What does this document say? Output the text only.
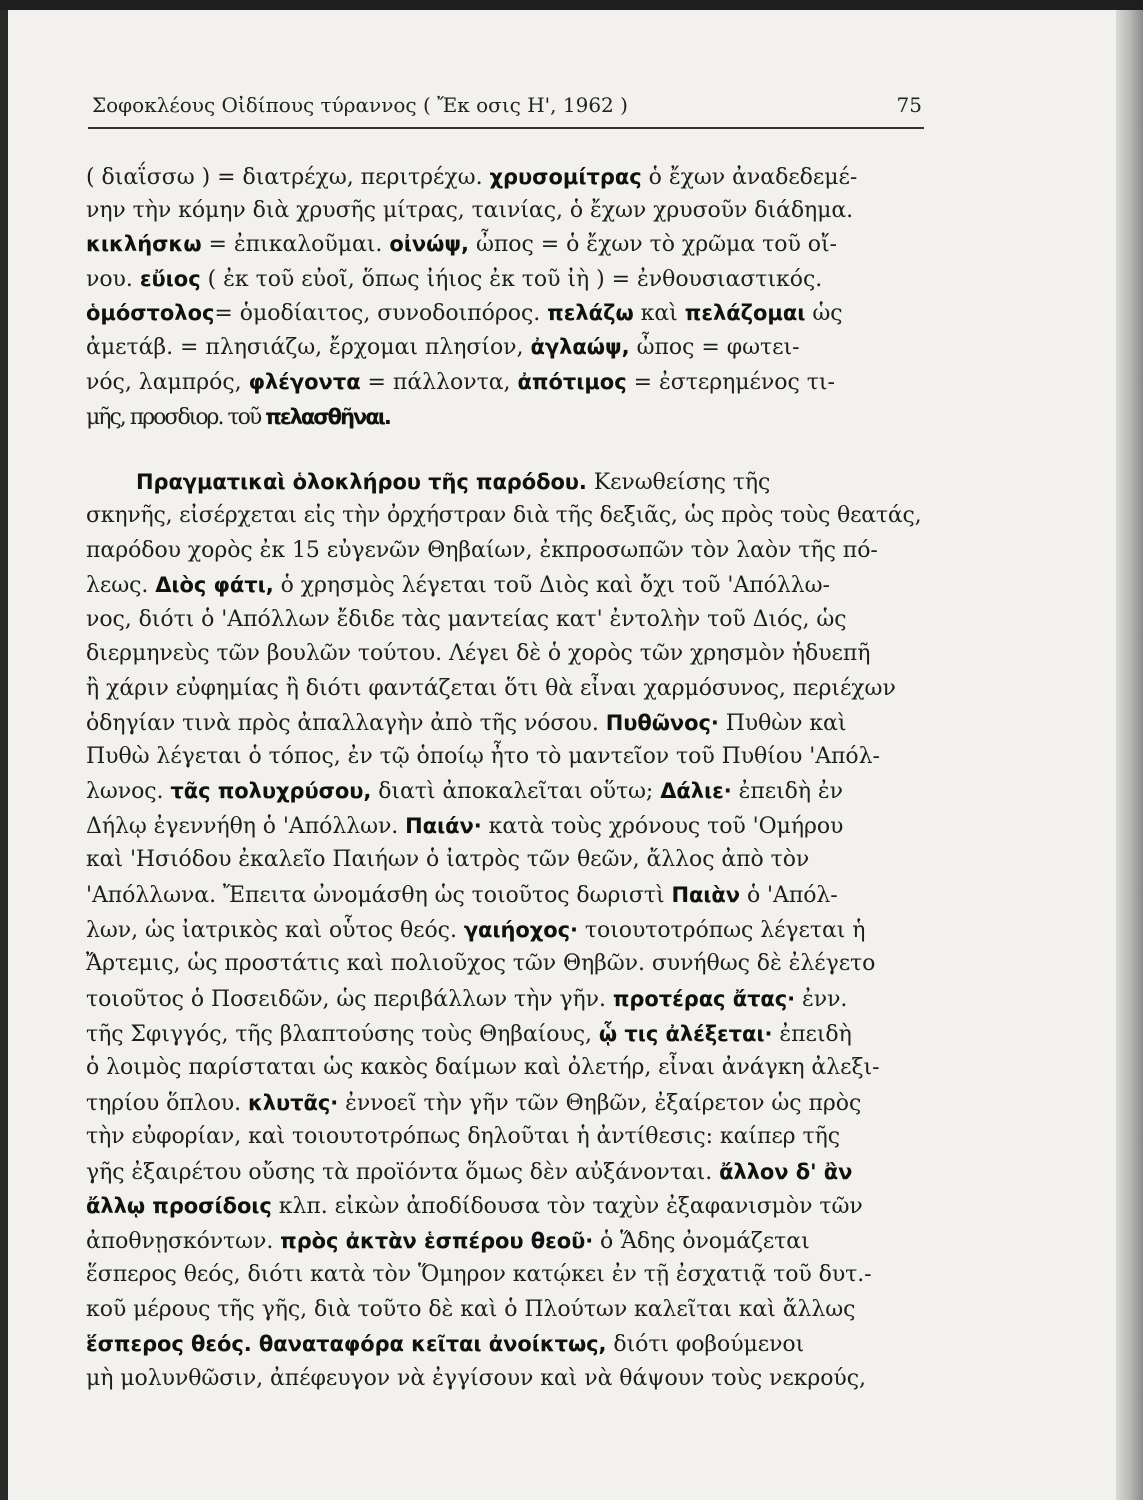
Σοφοκλέους Οἰδίπους τύραννος ( Ἔκ οσις Η', 1962 )	75
( διαΐσσω ) = διατρέχω, περιτρέχω. χρυσομίτρας ὁ ἔχων ἀναδεδεμέ-
νην τὴν κόμην διὰ χρυσῆς μίτρας, ταινίας, ὁ ἔχων χρυσοῦν διάδημα.
κικλήσκω = ἐπικαλοῦμαι. οἰνώψ, ὦπος = ὁ ἔχων τὸ χρῶμα τοῦ οἴ-
νου. εὔιος ( ἐκ τοῦ εὐοῖ, ὅπως ἰήιος ἐκ τοῦ ἰὴ ) = ἐνθουσιαστικός.
ὁμόστολος= ὁμοδίαιτος, συνοδοιπόρος. πελάζω καὶ πελάζομαι ὡς
ἀμετάβ. = πλησιάζω, ἔρχομαι πλησίον, ἀγλαώψ, ὦπος = φωτει-
νός, λαμπρός, φλέγοντα = πάλλοντα, ἀπότιμος = ἐστερημένος τι-
μῆς, προσδιορ. τοῦ πελασθῆναι.
Πραγματικαὶ ὁλοκλήρου τῆς παρόδου. Κενωθείσης τῆς
σκηνῆς, εἰσέρχεται εἰς τὴν ὀρχήστραν διὰ τῆς δεξιᾶς, ὡς πρὸς τοὺς θεατάς,
παρόδου χορὸς ἐκ 15 εὐγενῶν Θηβαίων, ἐκπροσωπῶν τὸν λαὸν τῆς πό-
λεως. Διὸς φάτι, ὁ χρησμὸς λέγεται τοῦ Διὸς καὶ ὄχι τοῦ 'Απόλλω-
νος, διότι ὁ 'Απόλλων ἔδιδε τὰς μαντείας κατ' ἐντολὴν τοῦ Διός, ὡς
διερμηνεὺς τῶν βουλῶν τούτου. Λέγει δὲ ὁ χορὸς τῶν χρησμὸν ἡδυεπῆ
ἢ χάριν εὐφημίας ἢ διότι φαντάζεται ὅτι θὰ εἶναι χαρμόσυνος, περιέχων
ὁδηγίαν τινὰ πρὸς ἀπαλλαγὴν ἀπὸ τῆς νόσου. Πυθῶνος· Πυθὼν καὶ
Πυθὼ λέγεται ὁ τόπος, ἐν τῷ ὁποίῳ ἦτο τὸ μαντεῖον τοῦ Πυθίου 'Απόλ-
λωνος. τᾶς πολυχρύσου, διατὶ ἀποκαλεῖται οὕτω; Δάλιε· ἐπειδὴ ἐν
Δήλῳ ἐγεννήθη ὁ 'Απόλλων. Παιάν· κατὰ τοὺς χρόνους τοῦ 'Ομήρου
καὶ 'Ησιόδου ἐκαλεῖο Παιήων ὁ ἰατρὸς τῶν θεῶν, ἄλλος ἀπὸ τὸν
'Απόλλωνα. Ἔπειτα ὠνομάσθη ὡς τοιοῦτος δωριστὶ Παιὰν ὁ 'Απόλ-
λων, ὡς ἰατρικὸς καὶ οὗτος θεός. γαιήοχος· τοιουτοτρόπως λέγεται ἡ
Ἄρτεμις, ὡς προστάτις καὶ πολιοῦχος τῶν Θηβῶν. συνήθως δὲ ἐλέγετο
τοιοῦτος ὁ Ποσειδῶν, ὡς περιβάλλων τὴν γῆν. προτέρας ἄτας· ἐνν.
τῆς Σφιγγός, τῆς βλαπτούσης τοὺς Θηβαίους, ᾧ τις ἀλέξεται· ἐπειδὴ
ὁ λοιμὸς παρίσταται ὡς κακὸς δαίμων καὶ ὀλετήρ, εἶναι ἀνάγκη ἀλεξι-
τηρίου ὅπλου. κλυτᾶς· ἐννοεῖ τὴν γῆν τῶν Θηβῶν, ἐξαίρετον ὡς πρὸς
τὴν εὐφορίαν, καὶ τοιουτοτρόπως δηλοῦται ἡ ἀντίθεσις: καίπερ τῆς
γῆς ἐξαιρέτου οὔσης τὰ προϊόντα ὅμως δὲν αὐξάνονται. ἄλλον δ' ἂν
ἄλλῳ προσίδοις κλπ. εἰκὼν ἀποδίδουσα τὸν ταχὺν ἐξαφανισμὸν τῶν
ἀποθνῃσκόντων. πρὸς ἀκτὰν ἑσπέρου θεοῦ· ὁ Ἅδης ὀνομάζεται
ἕσπερος θεός, διότι κατὰ τὸν Ὅμηρον κατῴκει ἐν τῇ ἐσχατιᾷ τοῦ δυτ.-
κοῦ μέρους τῆς γῆς, διὰ τοῦτο δὲ καὶ ὁ Πλούτων καλεῖται καὶ ἄλλως
ἕσπερος θεός. θαναταφόρα κεῖται ἀνοίκτως, διότι φοβούμενοι
μὴ μολυνθῶσιν, ἀπέφευγον νὰ ἐγγίσουν καὶ νὰ θάψουν τοὺς νεκρούς,
